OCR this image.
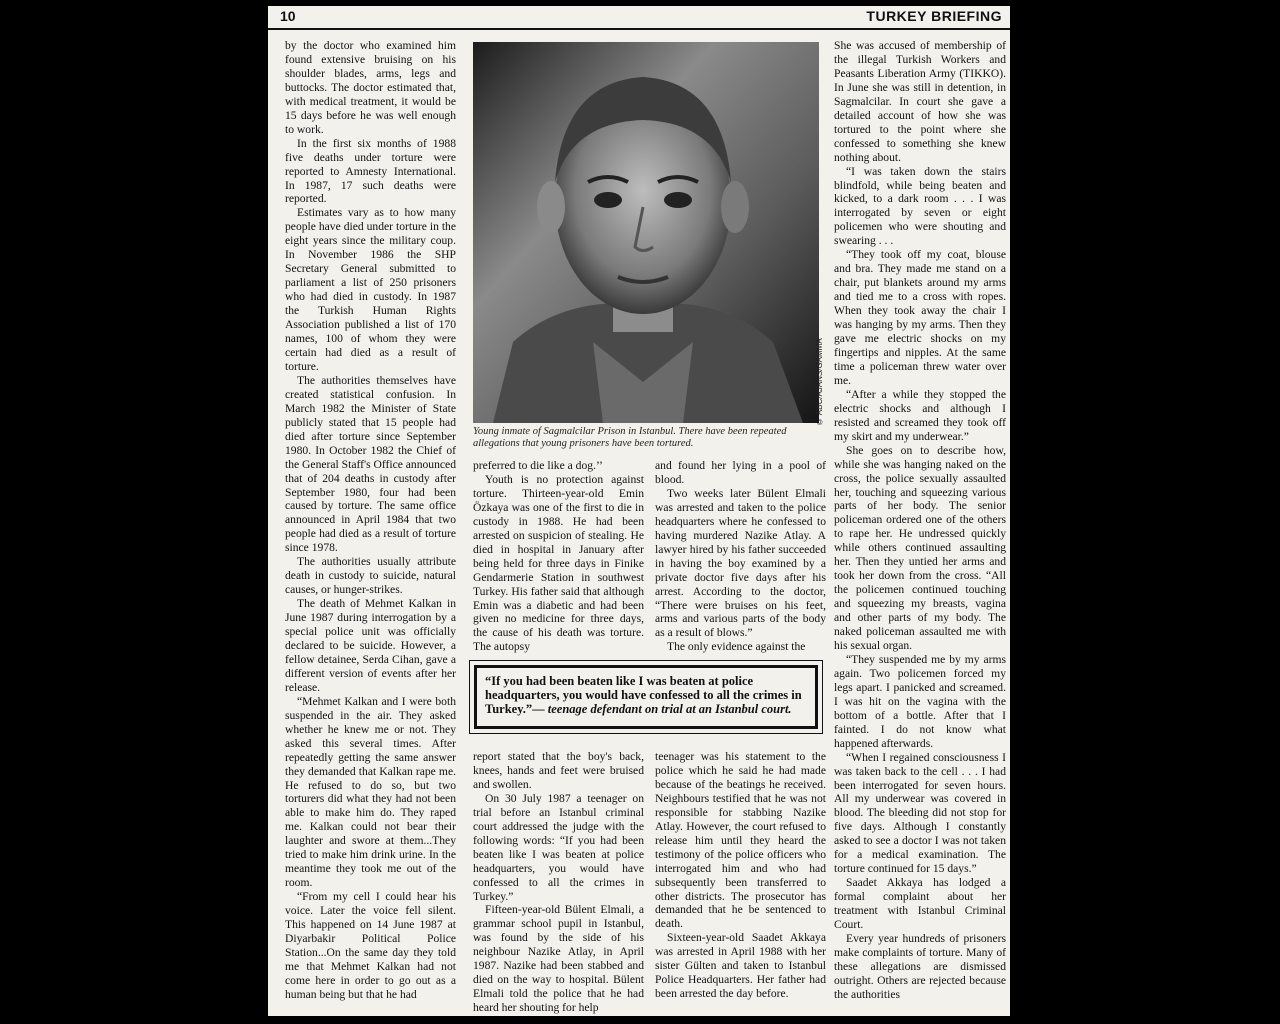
10	TURKEY BRIEFING

by the doctor who examined him found extensive bruising on his shoulder blades, arms, legs and buttocks. The doctor estimated that, with medical treatment, it would be 15 days before he was well enough to work.

In the first six months of 1988 five deaths under torture were reported to Amnesty International. In 1987, 17 such deaths were reported.

Estimates vary as to how many people have died under torture in the eight years since the military coup. In November 1986 the SHP Secretary General submitted to parliament a list of 250 prisoners who had died in custody. In 1987 the Turkish Human Rights Association published a list of 170 names, 100 of whom they were certain had died as a result of torture.

The authorities themselves have created statistical confusion. In March 1982 the Minister of State publicly stated that 15 people had died after torture since September 1980. In October 1982 the Chief of the General Staff's Office announced that of 204 deaths in custody after September 1980, four had been caused by torture. The same office announced in April 1984 that two people had died as a result of torture since 1978.

The authorities usually attribute death in custody to suicide, natural causes, or hunger-strikes.

The death of Mehmet Kalkan in June 1987 during interrogation by a special police unit was officially declared to be suicide. However, a fellow detainee, Serda Cihan, gave a different version of events after her release.

“Mehmet Kalkan and I were both suspended in the air. They asked whether he knew me or not. They asked this several times. After repeatedly getting the same answer they demanded that Kalkan rape me. He refused to do so, but two torturers did what they had not been able to make him do. They raped me. Kalkan could not bear their laughter and swore at them...They tried to make him drink urine. In the meantime they took me out of the room.

“From my cell I could hear his voice. Later the voice fell silent. This happened on 14 June 1987 at Diyarbakir Political Police Station...On the same day they told me that Mehmet Kalkan had not come here in order to go out as a human being but that he had

© ABC/AJANS/GAMMA
Young inmate of Sagmalcilar Prison in Istanbul. There have been repeated allegations that young prisoners have been tortured.

preferred to die like a dog.’’

Youth is no protection against torture. Thirteen-year-old Emin Özkaya was one of the first to die in custody in 1988. He had been arrested on suspicion of stealing. He died in hospital in January after being held for three days in Finike Gendarmerie Station in southwest Turkey. His father said that although Emin was a diabetic and had been given no medicine for three days, the cause of his death was torture. The autopsy

and found her lying in a pool of blood.

Two weeks later Bülent Elmali was arrested and taken to the police headquarters where he confessed to having murdered Nazike Atlay. A lawyer hired by his father succeeded in having the boy examined by a private doctor five days after his arrest. According to the doctor, “There were bruises on his feet, arms and various parts of the body as a result of blows.”

The only evidence against the

“If you had been beaten like I was beaten at police headquarters, you would have confessed to all the crimes in Turkey.”— teenage defendant on trial at an Istanbul court.

report stated that the boy's back, knees, hands and feet were bruised and swollen.

On 30 July 1987 a teenager on trial before an Istanbul criminal court addressed the judge with the following words: “If you had been beaten like I was beaten at police headquarters, you would have confessed to all the crimes in Turkey.”

Fifteen-year-old Bülent Elmali, a grammar school pupil in Istanbul, was found by the side of his neighbour Nazike Atlay, in April 1987. Nazike had been stabbed and died on the way to hospital. Bülent Elmali told the police that he had heard her shouting for help

teenager was his statement to the police which he said he had made because of the beatings he received. Neighbours testified that he was not responsible for stabbing Nazike Atlay. However, the court refused to release him until they heard the testimony of the police officers who interrogated him and who had subsequently been transferred to other districts. The prosecutor has demanded that he be sentenced to death.

Sixteen-year-old Saadet Akkaya was arrested in April 1988 with her sister Gülten and taken to Istanbul Police Headquarters. Her father had been arrested the day before.

She was accused of membership of the illegal Turkish Workers and Peasants Liberation Army (TIKKO). In June she was still in detention, in Sagmalcilar. In court she gave a detailed account of how she was tortured to the point where she confessed to something she knew nothing about.

“I was taken down the stairs blindfold, while being beaten and kicked, to a dark room . . . I was interrogated by seven or eight policemen who were shouting and swearing . . .

“They took off my coat, blouse and bra. They made me stand on a chair, put blankets around my arms and tied me to a cross with ropes. When they took away the chair I was hanging by my arms. Then they gave me electric shocks on my fingertips and nipples. At the same time a policeman threw water over me.

“After a while they stopped the electric shocks and although I resisted and screamed they took off my skirt and my underwear.”

She goes on to describe how, while she was hanging naked on the cross, the police sexually assaulted her, touching and squeezing various parts of her body. The senior policeman ordered one of the others to rape her. He undressed quickly while others continued assaulting her. Then they untied her arms and took her down from the cross. “All the policemen continued touching and squeezing my breasts, vagina and other parts of my body. The naked policeman assaulted me with his sexual organ.

“They suspended me by my arms again. Two policemen forced my legs apart. I panicked and screamed. I was hit on the vagina with the bottom of a bottle. After that I fainted. I do not know what happened afterwards.

“When I regained consciousness I was taken back to the cell . . . I had been interrogated for seven hours. All my underwear was covered in blood. The bleeding did not stop for five days. Although I constantly asked to see a doctor I was not taken for a medical examination. The torture continued for 15 days.”

Saadet Akkaya has lodged a formal complaint about her treatment with Istanbul Criminal Court.

Every year hundreds of prisoners make complaints of torture. Many of these allegations are dismissed outright. Others are rejected because the authorities
